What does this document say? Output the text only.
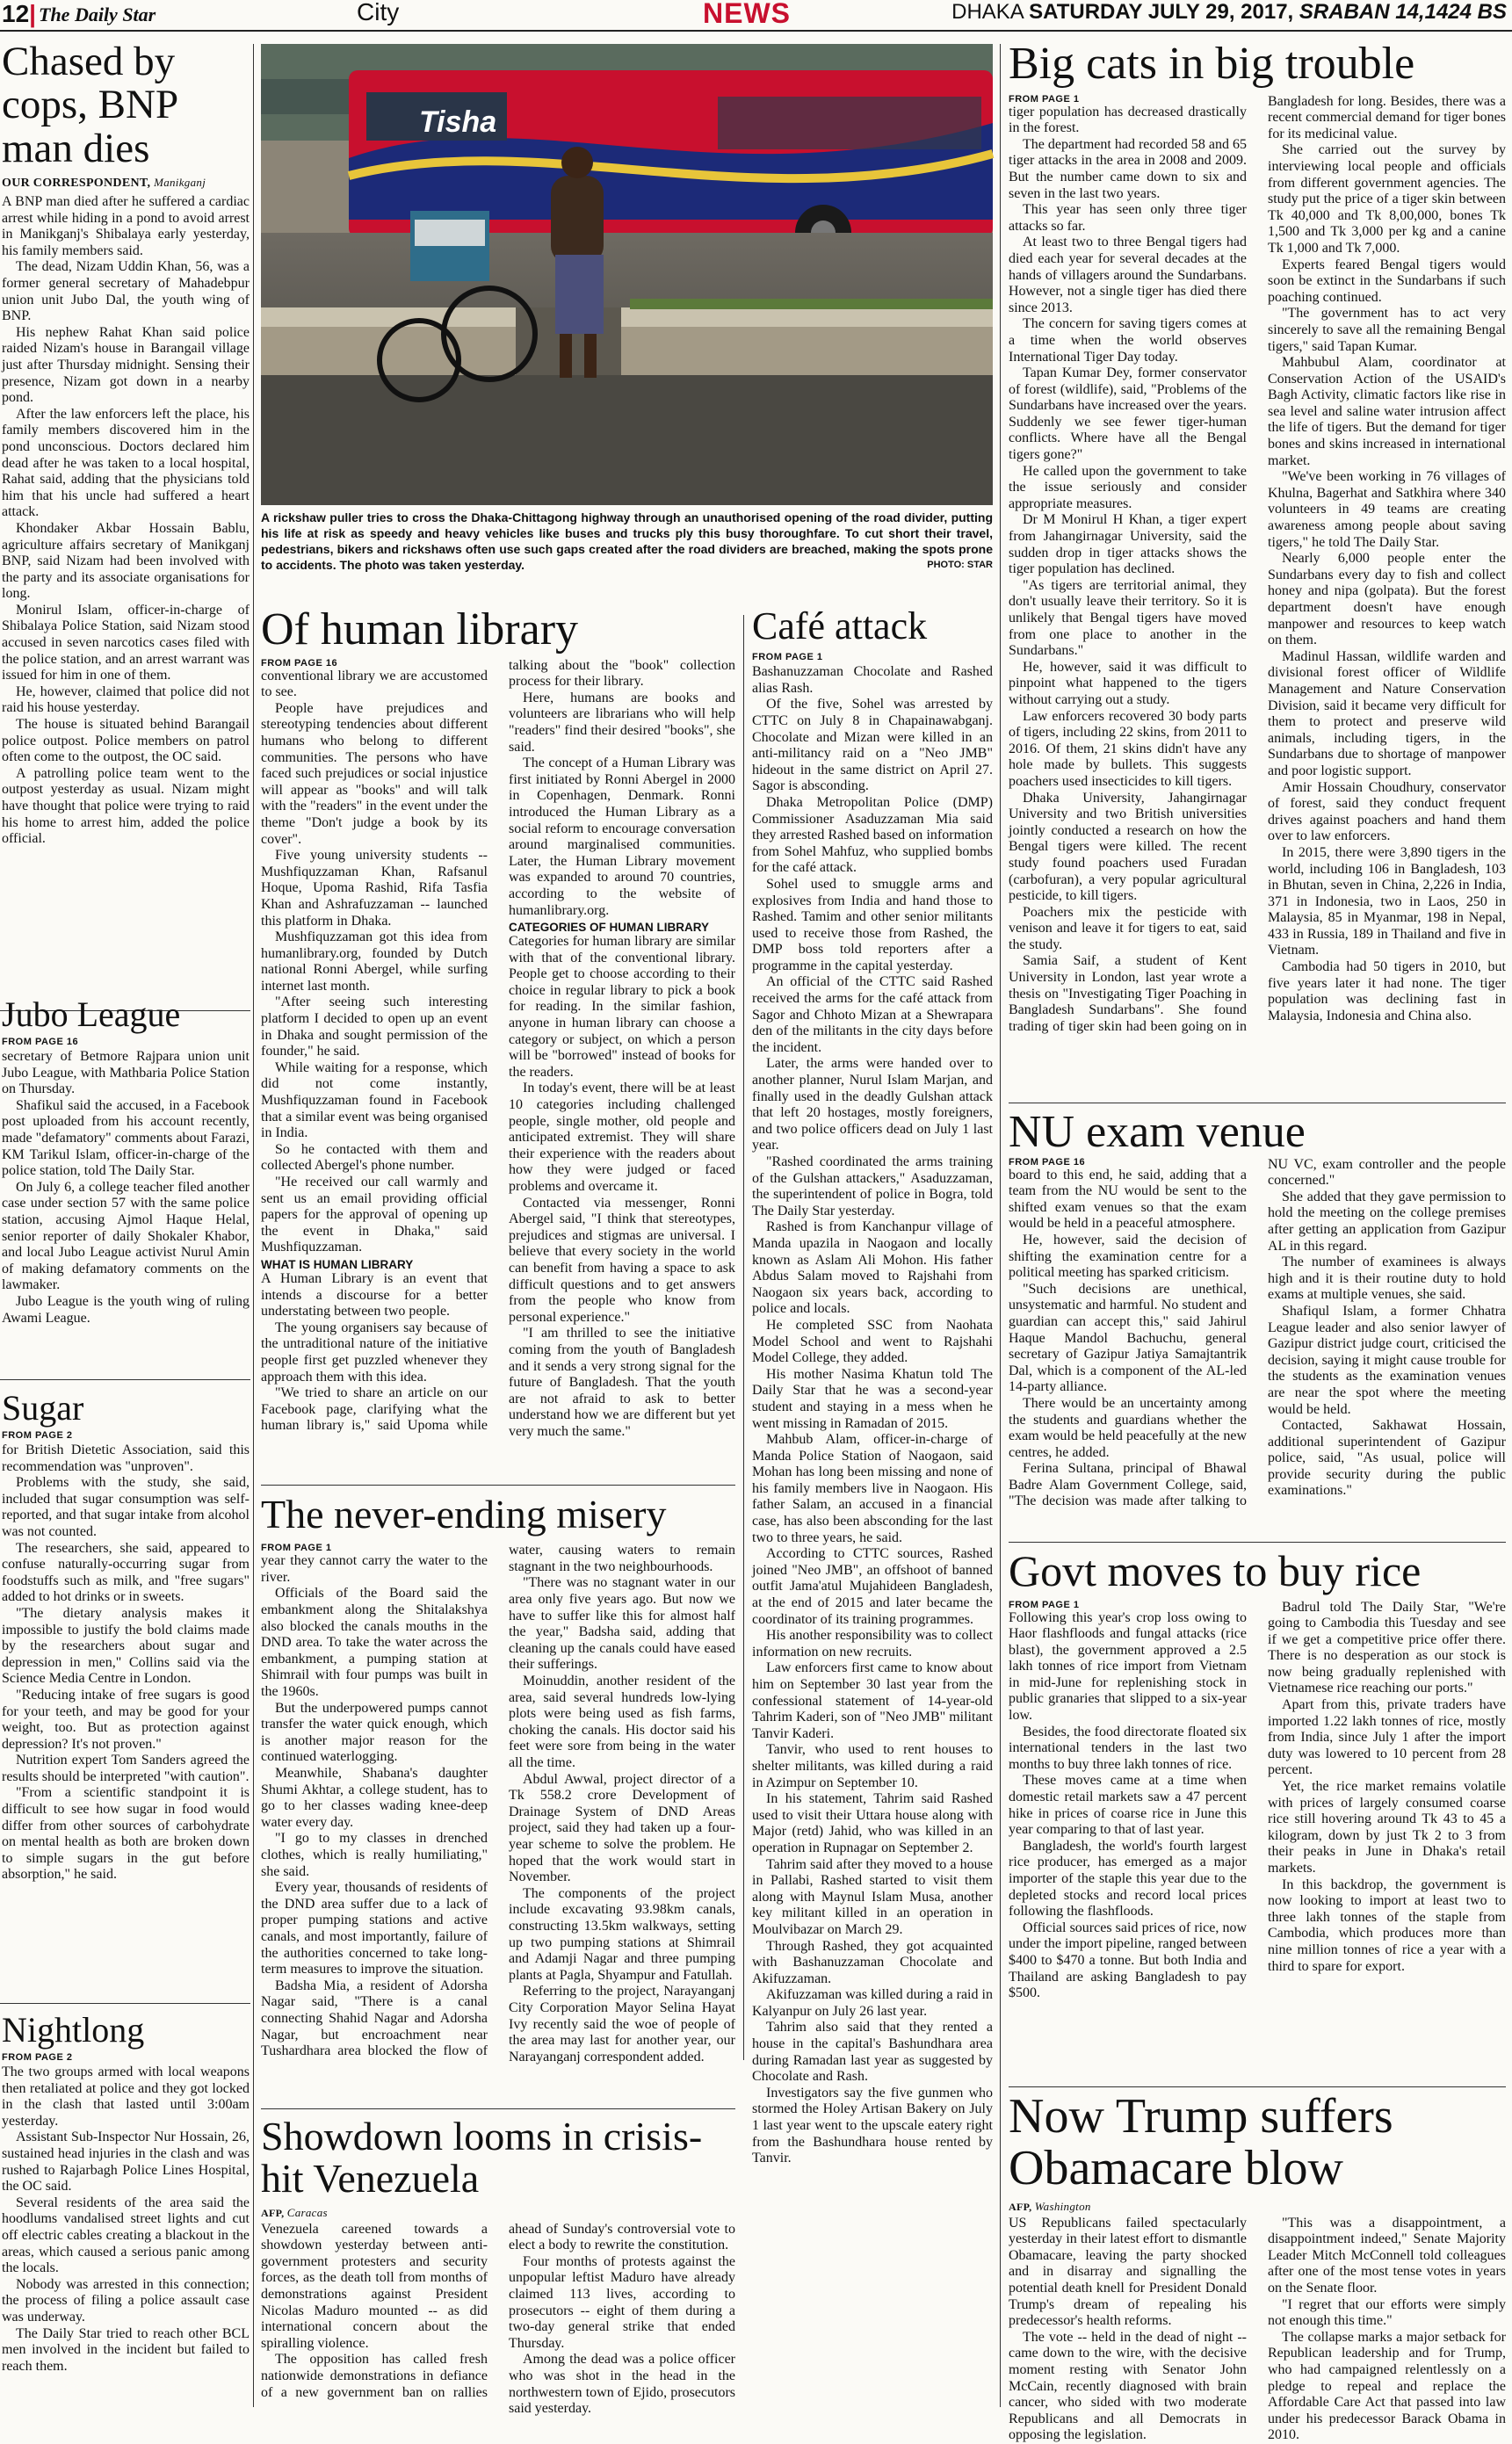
12| The Daily Star	City	NEWS	DHAKA SATURDAY JULY 29, 2017, SRABAN 14,1424 BS
Tisha
A rickshaw puller tries to cross the Dhaka-Chittagong highway through an unauthorised opening of the road divider, putting his life at risk as speedy and heavy vehicles like buses and trucks ply this busy thoroughfare. To cut short their travel, pedestrians, bikers and rickshaws often use such gaps created after the road dividers are breached, making the spots prone to accidents. The photo was taken yesterday.	PHOTO: STAR
Chased by cops, BNP man dies
OUR CORRESPONDENT, Manikganj

A BNP man died after he suffered a cardiac arrest while hiding in a pond to avoid arrest in Manikganj's Shibalaya early yesterday, his family members said.

The dead, Nizam Uddin Khan, 56, was a former general secretary of Mahadebpur union unit Jubo Dal, the youth wing of BNP.

His nephew Rahat Khan said police raided Nizam's house in Barangail village just after Thursday midnight. Sensing their presence, Nizam got down in a nearby pond.

After the law enforcers left the place, his family members discovered him in the pond unconscious. Doctors declared him dead after he was taken to a local hospital, Rahat said, adding that the physicians told him that his uncle had suffered a heart attack.

Khondaker Akbar Hossain Bablu, agriculture affairs secretary of Manikganj BNP, said Nizam had been involved with the party and its associate organisations for long.

Monirul Islam, officer-in-charge of Shibalaya Police Station, said Nizam stood accused in seven narcotics cases filed with the police station, and an arrest warrant was issued for him in one of them.

He, however, claimed that police did not raid his house yesterday.

The house is situated behind Barangail police outpost. Police members on patrol often come to the outpost, the OC said.

A patrolling police team went to the outpost yesterday as usual. Nizam might have thought that police were trying to raid his home to arrest him, added the police official.

Jubo League
FROM PAGE 16

secretary of Betmore Rajpara union unit Jubo League, with Mathbaria Police Station on Thursday.

Shafikul said the accused, in a Facebook post uploaded from his account recently, made "defamatory" comments about Farazi, KM Tarikul Islam, officer-in-charge of the police station, told The Daily Star.

On July 6, a college teacher filed another case under section 57 with the same police station, accusing Ajmol Haque Helal, senior reporter of daily Shokaler Khabor, and local Jubo League activist Nurul Amin of making defamatory comments on the lawmaker.

Jubo League is the youth wing of ruling Awami League.

Sugar
FROM PAGE 2

for British Dietetic Association, said this recommendation was "unproven".

Problems with the study, she said, included that sugar consumption was self-reported, and that sugar intake from alcohol was not counted.

The researchers, she said, appeared to confuse naturally-occurring sugar from foodstuffs such as milk, and "free sugars" added to hot drinks or in sweets.

"The dietary analysis makes it impossible to justify the bold claims made by the researchers about sugar and depression in men," Collins said via the Science Media Centre in London.

"Reducing intake of free sugars is good for your teeth, and may be good for your weight, too. But as protection against depression? It's not proven."

Nutrition expert Tom Sanders agreed the results should be interpreted "with caution".

"From a scientific standpoint it is difficult to see how sugar in food would differ from other sources of carbohydrate on mental health as both are broken down to simple sugars in the gut before absorption," he said.

Nightlong
FROM PAGE 2

The two groups armed with local weapons then retaliated at police and they got locked in the clash that lasted until 3:00am yesterday.

Assistant Sub-Inspector Nur Hossain, 26, sustained head injuries in the clash and was rushed to Rajarbagh Police Lines Hospital, the OC said.

Several residents of the area said the hoodlums vandalised street lights and cut off electric cables creating a blackout in the areas, which caused a serious panic among the locals.

Nobody was arrested in this connection; the process of filing a police assault case was underway.

The Daily Star tried to reach other BCL men involved in the incident but failed to reach them.

Of human library
FROM PAGE 16

conventional library we are accustomed to see.

People have prejudices and stereotyping tendencies about different humans who belong to different communities. The persons who have faced such prejudices or social injustice will appear as "books" and will talk with the "readers" in the event under the theme "Don't judge a book by its cover".

Five young university students -- Mushfiquzzaman Khan, Rafsanul Hoque, Upoma Rashid, Rifa Tasfia Khan and Ashrafuzzaman -- launched this platform in Dhaka.

Mushfiquzzaman got this idea from humanlibrary.org, founded by Dutch national Ronni Abergel, while surfing internet last month.

"After seeing such interesting platform I decided to open up an event in Dhaka and sought permission of the founder," he said.

While waiting for a response, which did not come instantly, Mushfiquzzaman found in Facebook that a similar event was being organised in India.

So he contacted with them and collected Abergel's phone number.

"He received our call warmly and sent us an email providing official papers for the approval of opening up the event in Dhaka," said Mushfiquzzaman.

WHAT IS HUMAN LIBRARY

A Human Library is an event that intends a discourse for a better understating between two people.

The young organisers say because of the untraditional nature of the initiative people first get puzzled whenever they approach them with this idea.

"We tried to share an article on our Facebook page, clarifying what the human library is," said Upoma while talking about the "book" collection process for their library.

Here, humans are books and volunteers are librarians who will help "readers" find their desired "books", she said.

The concept of a Human Library was first initiated by Ronni Abergel in 2000 in Copenhagen, Denmark. Ronni introduced the Human Library as a social reform to encourage conversation around marginalised communities. Later, the Human Library movement was expanded to around 70 countries, according to the website of humanlibrary.org.

CATEGORIES OF HUMAN LIBRARY

Categories for human library are similar with that of the conventional library. People get to choose according to their choice in regular library to pick a book for reading. In the similar fashion, anyone in human library can choose a category or subject, on which a person will be "borrowed" instead of books for the readers.

In today's event, there will be at least 10 categories including challenged people, single mother, old people and anticipated extremist. They will share their experience with the readers about how they were judged or faced problems and overcame it.

Contacted via messenger, Ronni Abergel said, "I think that stereotypes, prejudices and stigmas are universal. I believe that every society in the world can benefit from having a space to ask difficult questions and to get answers from the people who know from personal experience."

"I am thrilled to see the initiative coming from the youth of Bangladesh and it sends a very strong signal for the future of Bangladesh. That the youth are not afraid to ask to better understand how we are different but yet very much the same."

Café attack
FROM PAGE 1

Bashanuzzaman Chocolate and Rashed alias Rash.

Of the five, Sohel was arrested by CTTC on July 8 in Chapainawabganj. Chocolate and Mizan were killed in an anti-militancy raid on a "Neo JMB" hideout in the same district on April 27. Sagor is absconding.

Dhaka Metropolitan Police (DMP) Commissioner Asaduzzaman Mia said they arrested Rashed based on information from Sohel Mahfuz, who supplied bombs for the café attack.

Sohel used to smuggle arms and explosives from India and hand those to Rashed. Tamim and other senior militants used to receive those from Rashed, the DMP boss told reporters after a programme in the capital yesterday.

An official of the CTTC said Rashed received the arms for the café attack from Sagor and Chhoto Mizan at a Shewrapara den of the militants in the city days before the incident.

Later, the arms were handed over to another planner, Nurul Islam Marjan, and finally used in the deadly Gulshan attack that left 20 hostages, mostly foreigners, and two police officers dead on July 1 last year.

"Rashed coordinated the arms training of the Gulshan attackers," Asaduzzaman, the superintendent of police in Bogra, told The Daily Star yesterday.

Rashed is from Kanchanpur village of Manda upazila in Naogaon and locally known as Aslam Ali Mohon. His father Abdus Salam moved to Rajshahi from Naogaon six years back, according to police and locals.

He completed SSC from Naohata Model School and went to Rajshahi Model College, they added.

His mother Nasima Khatun told The Daily Star that he was a second-year student and staying in a mess when he went missing in Ramadan of 2015.

Mahbub Alam, officer-in-charge of Manda Police Station of Naogaon, said Mohan has long been missing and none of his family members live in Naogaon. His father Salam, an accused in a financial case, has also been absconding for the last two to three years, he said.

According to CTTC sources, Rashed joined "Neo JMB", an offshoot of banned outfit Jama'atul Mujahideen Bangladesh, at the end of 2015 and later became the coordinator of its training programmes.

His another responsibility was to collect information on new recruits.

Law enforcers first came to know about him on September 30 last year from the confessional statement of 14-year-old Tahrim Kaderi, son of "Neo JMB" militant Tanvir Kaderi.

Tanvir, who used to rent houses to shelter militants, was killed during a raid in Azimpur on September 10.

In his statement, Tahrim said Rashed used to visit their Uttara house along with Major (retd) Jahid, who was killed in an operation in Rupnagar on September 2.

Tahrim said after they moved to a house in Pallabi, Rashed started to visit them along with Maynul Islam Musa, another key militant killed in an operation in Moulvibazar on March 29.

Through Rashed, they got acquainted with Bashanuzzaman Chocolate and Akifuzzaman.

Akifuzzaman was killed during a raid in Kalyanpur on July 26 last year.

Tahrim also said that they rented a house in the capital's Bashundhara area during Ramadan last year as suggested by Chocolate and Rash.

Investigators say the five gunmen who stormed the Holey Artisan Bakery on July 1 last year went to the upscale eatery right from the Bashundhara house rented by Tanvir.

The never-ending misery
FROM PAGE 1

year they cannot carry the water to the river.

Officials of the Board said the embankment along the Shitalakshya also blocked the canals mouths in the DND area. To take the water across the embankment, a pumping station at Shimrail with four pumps was built in the 1960s.

But the underpowered pumps cannot transfer the water quick enough, which is another major reason for the continued waterlogging.

Meanwhile, Shabana's daughter Shumi Akhtar, a college student, has to go to her classes wading knee-deep water every day.

"I go to my classes in drenched clothes, which is really humiliating," she said.

Every year, thousands of residents of the DND area suffer due to a lack of proper pumping stations and active canals, and most importantly, failure of the authorities concerned to take long-term measures to improve the situation.

Badsha Mia, a resident of Adorsha Nagar said, "There is a canal connecting Shahid Nagar and Adorsha Nagar, but encroachment near Tushardhara area blocked the flow of water, causing waters to remain stagnant in the two neighbourhoods.

"There was no stagnant water in our area only five years ago. But now we have to suffer like this for almost half the year," Badsha said, adding that cleaning up the canals could have eased their sufferings.

Moinuddin, another resident of the area, said several hundreds low-lying plots were being used as fish farms, choking the canals. His doctor said his feet were sore from being in the water all the time.

Abdul Awwal, project director of a Tk 558.2 crore Development of Drainage System of DND Areas project, said they had taken up a four-year scheme to solve the problem. He hoped that the work would start in November.

The components of the project include excavating 93.98km canals, constructing 13.5km walkways, setting up two pumping stations at Shimrail and Adamji Nagar and three pumping plants at Pagla, Shyampur and Fatullah.

Referring to the project, Narayanganj City Corporation Mayor Selina Hayat Ivy recently said the woe of people of the area may last for another year, our Narayanganj correspondent added.

Showdown looms in crisis-hit Venezuela
AFP, Caracas

Venezuela careened towards a showdown yesterday between anti-government protesters and security forces, as the death toll from months of demonstrations against President Nicolas Maduro mounted -- as did international concern about the spiralling violence.

The opposition has called fresh nationwide demonstrations in defiance of a new government ban on rallies ahead of Sunday's controversial vote to elect a body to rewrite the constitution.

Four months of protests against the unpopular leftist Maduro have already claimed 113 lives, according to prosecutors -- eight of them during a two-day general strike that ended Thursday.

Among the dead was a police officer who was shot in the head in the northwestern town of Ejido, prosecutors said yesterday.

Big cats in big trouble
FROM PAGE 1

tiger population has decreased drastically in the forest.

The department had recorded 58 and 65 tiger attacks in the area in 2008 and 2009. But the number came down to six and seven in the last two years.

This year has seen only three tiger attacks so far.

At least two to three Bengal tigers had died each year for several decades at the hands of villagers around the Sundarbans. However, not a single tiger has died there since 2013.

The concern for saving tigers comes at a time when the world observes International Tiger Day today.

Tapan Kumar Dey, former conservator of forest (wildlife), said, "Problems of the Sundarbans have increased over the years. Suddenly we see fewer tiger-human conflicts. Where have all the Bengal tigers gone?"

He called upon the government to take the issue seriously and consider appropriate measures.

Dr M Monirul H Khan, a tiger expert from Jahangirnagar University, said the sudden drop in tiger attacks shows the tiger population has declined.

"As tigers are territorial animal, they don't usually leave their territory. So it is unlikely that Bengal tigers have moved from one place to another in the Sundarbans."

He, however, said it was difficult to pinpoint what happened to the tigers without carrying out a study.

Law enforcers recovered 30 body parts of tigers, including 22 skins, from 2011 to 2016. Of them, 21 skins didn't have any hole made by bullets. This suggests poachers used insecticides to kill tigers.

Dhaka University, Jahangirnagar University and two British universities jointly conducted a research on how the Bengal tigers were killed. The recent study found poachers used Furadan (carbofuran), a very popular agricultural pesticide, to kill tigers.

Poachers mix the pesticide with venison and leave it for tigers to eat, said the study.

Samia Saif, a student of Kent University in London, last year wrote a thesis on "Investigating Tiger Poaching in Bangladesh Sundarbans". She found trading of tiger skin had been going on in Bangladesh for long. Besides, there was a recent commercial demand for tiger bones for its medicinal value.

She carried out the survey by interviewing local people and officials from different government agencies. The study put the price of a tiger skin between Tk 40,000 and Tk 8,00,000, bones Tk 1,500 and Tk 3,000 per kg and a canine Tk 1,000 and Tk 7,000.

Experts feared Bengal tigers would soon be extinct in the Sundarbans if such poaching continued.

"The government has to act very sincerely to save all the remaining Bengal tigers," said Tapan Kumar.

Mahbubul Alam, coordinator at Conservation Action of the USAID's Bagh Activity, climatic factors like rise in sea level and saline water intrusion affect the life of tigers. But the demand for tiger bones and skins increased in international market.

"We've been working in 76 villages of Khulna, Bagerhat and Satkhira where 340 volunteers in 49 teams are creating awareness among people about saving tigers," he told The Daily Star.

Nearly 6,000 people enter the Sundarbans every day to fish and collect honey and nipa (golpata). But the forest department doesn't have enough manpower and resources to keep watch on them.

Madinul Hassan, wildlife warden and divisional forest officer of Wildlife Management and Nature Conservation Division, said it became very difficult for them to protect and preserve wild animals, including tigers, in the Sundarbans due to shortage of manpower and poor logistic support.

Amir Hossain Choudhury, conservator of forest, said they conduct frequent drives against poachers and hand them over to law enforcers.

In 2015, there were 3,890 tigers in the world, including 106 in Bangladesh, 103 in Bhutan, seven in China, 2,226 in India, 371 in Indonesia, two in Laos, 250 in Malaysia, 85 in Myanmar, 198 in Nepal, 433 in Russia, 189 in Thailand and five in Vietnam.

Cambodia had 50 tigers in 2010, but five years later it had none. The tiger population was declining fast in Malaysia, Indonesia and China also.

NU exam venue
FROM PAGE 16

board to this end, he said, adding that a team from the NU would be sent to the shifted exam venues so that the exam would be held in a peaceful atmosphere.

He, however, said the decision of shifting the examination centre for a political meeting has sparked criticism.

"Such decisions are unethical, unsystematic and harmful. No student and guardian can accept this," said Jahirul Haque Mandol Bachuchu, general secretary of Gazipur Jatiya Samajtantrik Dal, which is a component of the AL-led 14-party alliance.

There would be an uncertainty among the students and guardians whether the exam would be held peacefully at the new centres, he added.

Ferina Sultana, principal of Bhawal Badre Alam Government College, said, "The decision was made after talking to NU VC, exam controller and the people concerned."

She added that they gave permission to hold the meeting on the college premises after getting an application from Gazipur AL in this regard.

The number of examinees is always high and it is their routine duty to hold exams at multiple venues, she said.

Shafiqul Islam, a former Chhatra League leader and also senior lawyer of Gazipur district judge court, criticised the decision, saying it might cause trouble for the students as the examination venues are near the spot where the meeting would be held.

Contacted, Sakhawat Hossain, additional superintendent of Gazipur police, said, "As usual, police will provide security during the public examinations."

Govt moves to buy rice
FROM PAGE 1

Following this year's crop loss owing to Haor flashfloods and fungal attacks (rice blast), the government approved a 2.5 lakh tonnes of rice import from Vietnam in mid-June for replenishing stock in public granaries that slipped to a six-year low.

Besides, the food directorate floated six international tenders in the last two months to buy three lakh tonnes of rice.

These moves came at a time when domestic retail markets saw a 47 percent hike in prices of coarse rice in June this year comparing to that of last year.

Bangladesh, the world's fourth largest rice producer, has emerged as a major importer of the staple this year due to the depleted stocks and record local prices following the flashfloods.

Official sources said prices of rice, now under the import pipeline, ranged between $400 to $470 a tonne. But both India and Thailand are asking Bangladesh to pay $500.

Badrul told The Daily Star, "We're going to Cambodia this Tuesday and see if we get a competitive price offer there. There is no desperation as our stock is now being gradually replenished with Vietnamese rice reaching our ports."

Apart from this, private traders have imported 1.22 lakh tonnes of rice, mostly from India, since July 1 after the import duty was lowered to 10 percent from 28 percent.

Yet, the rice market remains volatile with prices of largely consumed coarse rice still hovering around Tk 43 to 45 a kilogram, down by just Tk 2 to 3 from their peaks in June in Dhaka's retail markets.

In this backdrop, the government is now looking to import at least two to three lakh tonnes of the staple from Cambodia, which produces more than nine million tonnes of rice a year with a third to spare for export.

Now Trump suffers Obamacare blow
AFP, Washington

US Republicans failed spectacularly yesterday in their latest effort to dismantle Obamacare, leaving the party shocked and in disarray and signalling the potential death knell for President Donald Trump's dream of repealing his predecessor's health reforms.

The vote -- held in the dead of night -- came down to the wire, with the decisive moment resting with Senator John McCain, recently diagnosed with brain cancer, who sided with two moderate Republicans and all Democrats in opposing the legislation.

"This was a disappointment, a disappointment indeed," Senate Majority Leader Mitch McConnell told colleagues after one of the most tense votes in years on the Senate floor.

"I regret that our efforts were simply not enough this time."

The collapse marks a major setback for Republican leadership and for Trump, who had campaigned relentlessly on a pledge to repeal and replace the Affordable Care Act that passed into law under his predecessor Barack Obama in 2010.
